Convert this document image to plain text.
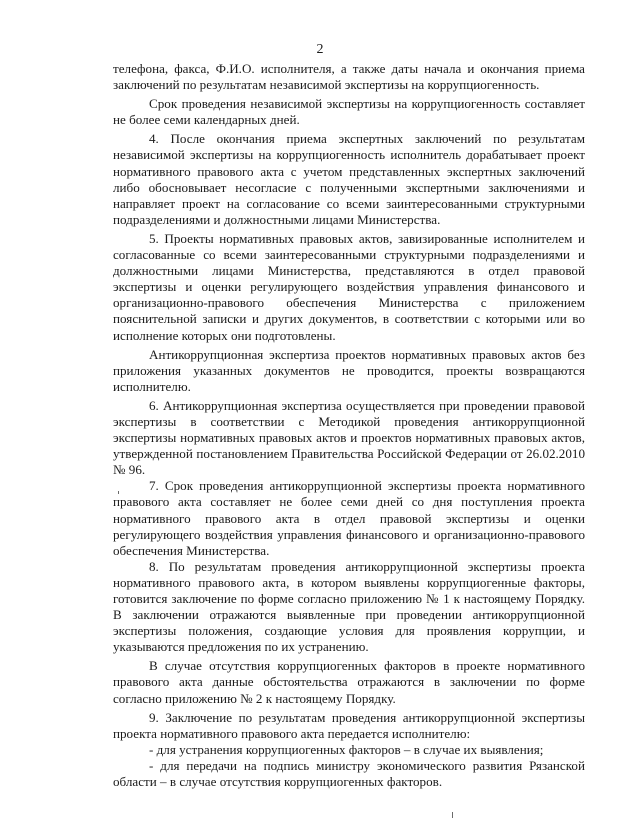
2

телефона, факса, Ф.И.О. исполнителя, а также даты начала и окончания приема заключений по результатам независимой экспертизы на коррупциогенность.

Срок проведения независимой экспертизы на коррупциогенность составляет не более семи календарных дней.

4. После окончания приема экспертных заключений по результатам независимой экспертизы на коррупциогенность исполнитель дорабатывает проект нормативного правового акта с учетом представленных экспертных заключений либо обосновывает несогласие с полученными экспертными заключениями и направляет проект на согласование со всеми заинтересованными структурными подразделениями и должностными лицами Министерства.

5. Проекты нормативных правовых актов, завизированные исполнителем и согласованные со всеми заинтересованными структурными подразделениями и должностными лицами Министерства, представляются в отдел правовой экспертизы и оценки регулирующего воздействия управления финансового и организационно-правового обеспечения Министерства с приложением пояснительной записки и других документов, в соответствии с которыми или во исполнение которых они подготовлены.

Антикоррупционная экспертиза проектов нормативных правовых актов без приложения указанных документов не проводится, проекты возвращаются исполнителю.

6. Антикоррупционная экспертиза осуществляется при проведении правовой экспертизы в соответствии с Методикой проведения антикоррупционной экспертизы нормативных правовых актов и проектов нормативных правовых актов, утвержденной постановлением Правительства Российской Федерации от 26.02.2010 № 96.

7. Срок проведения антикоррупционной экспертизы проекта нормативного правового акта составляет не более семи дней со дня поступления проекта нормативного правового акта в отдел правовой экспертизы и оценки регулирующего воздействия управления финансового и организационно-правового обеспечения Министерства.

8. По результатам проведения антикоррупционной экспертизы проекта нормативного правового акта, в котором выявлены коррупциогенные факторы, готовится заключение по форме согласно приложению № 1 к настоящему Порядку. В заключении отражаются выявленные при проведении антикоррупционной экспертизы положения, создающие условия для проявления коррупции, и указываются предложения по их устранению.

В случае отсутствия коррупциогенных факторов в проекте нормативного правового акта данные обстоятельства отражаются в заключении по форме согласно приложению № 2 к настоящему Порядку.

9. Заключение по результатам проведения антикоррупционной экспертизы проекта нормативного правового акта передается исполнителю:

- для устранения коррупциогенных факторов – в случае их выявления;

- для передачи на подпись министру экономического развития Рязанской области – в случае отсутствия коррупциогенных факторов.
